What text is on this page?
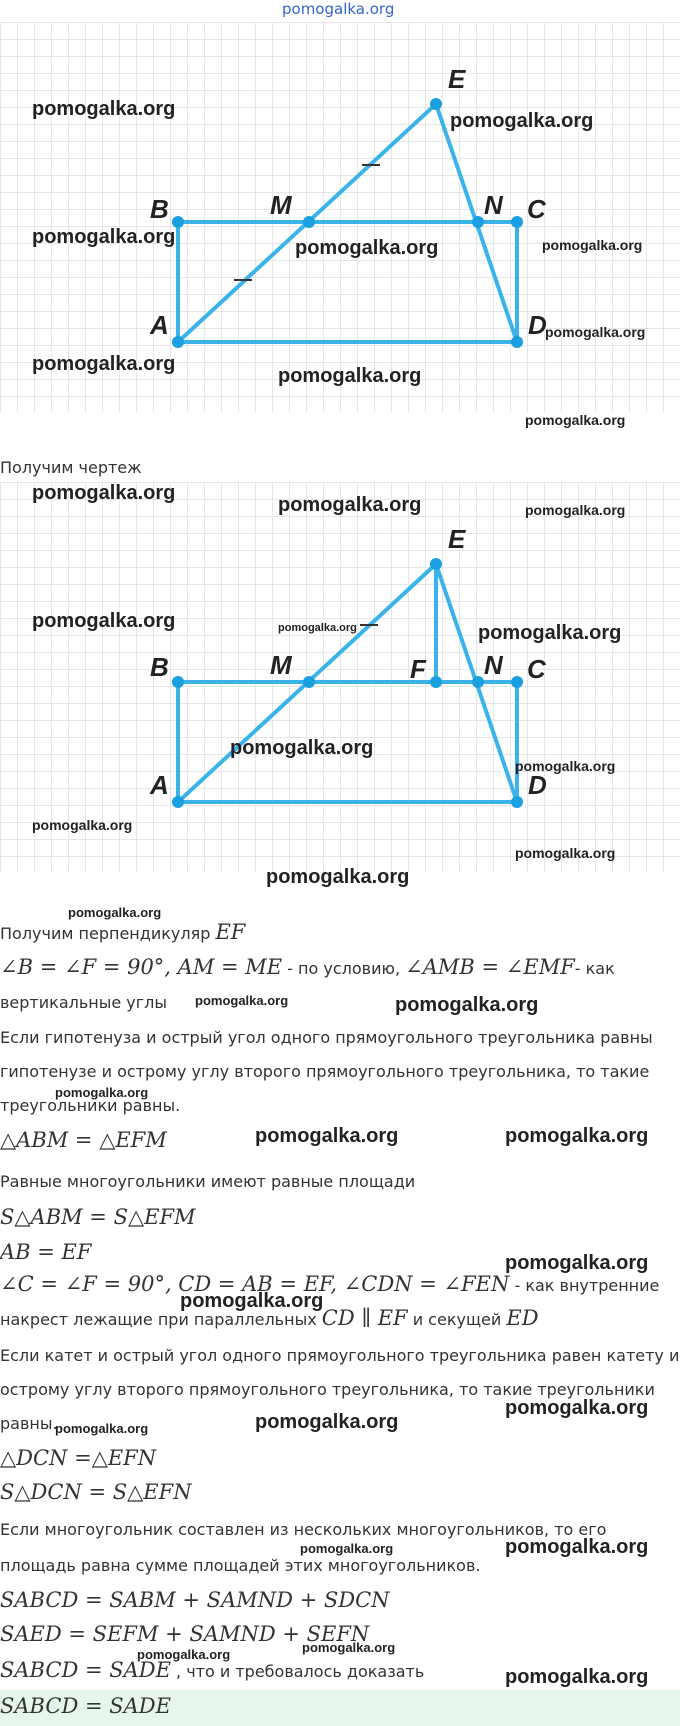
pomogalka.org
B	M	N C
A	D
E
pomogalka.org
pomogalka.org
pomogalka.org	pomogalka.org	pomogalka.org
pomogalka.org
pomogalka.org
pomogalka.org
pomogalka.org
Получим чертеж
B	M	F N C
A	D
E
pomogalka.org
pomogalka.org	pomogalka.org
pomogalka.org	pomogalka.org	pomogalka.org
pomogalka.org
pomogalka.org
pomogalka.org
pomogalka.org
pomogalka.org
pomogalka.org
Получим перпендикуляр EF
∠B = ∠F = 90°, AM = ME - по условию, ∠AMB = ∠EMF- как
вертикальные углы pomogalka.org	pomogalka.org
Если гипотенуза и острый угол одного прямоугольного треугольника равны
гипотенузе и острому углу второго прямоугольного треугольника, то такие
pomogalka.org
треугольники равны.
△ABM = △EFM	pomogalka.org	pomogalka.org
Равные многоугольники имеют равные площади
S△ABM = S△EFM
AB = EF	pomogalka.org
∠C = ∠F = 90°, CD = AB = EF, ∠CDN = ∠FEN - как внутренние
pomogalka.org
накрест лежащие при параллельных CD ∥ EF и секущей ED
Если катет и острый угол одного прямоугольного треугольника равен катету и
острому углу второго прямоугольного треугольника, то такие треугольники
pomogalka.org
равны.
pomogalka.org	pomogalka.org
△DCN =△EFN
S△DCN = S△EFN
Если многоугольник составлен из нескольких многоугольников, то его
pomogalka.org	pomogalka.org
площадь равна сумме площадей этих многоугольников.
SABCD = SABM + SAMND + SDCN
SAED = SEFM + SAMND + SEFN
pomogalka.org
pomogalka.org
SABCD = SADE , что и требовалось доказать	pomogalka.org
SABCD = SADE
